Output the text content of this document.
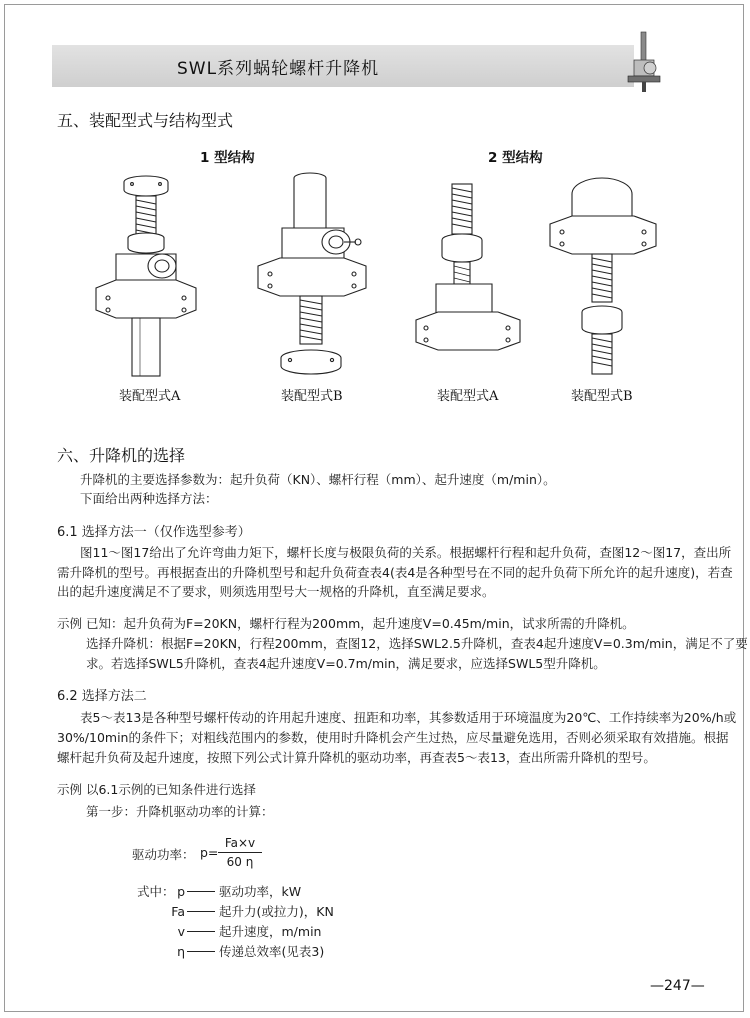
SWL系列蜗轮螺杆升降机
五、装配型式与结构型式
1 型结构	2 型结构
装配型式A	装配型式B	装配型式A	装配型式B
六、升降机的选择
升降机的主要选择参数为：起升负荷（KN）、螺杆行程（mm）、起升速度（m/min）。
下面给出两种选择方法：
6.1 选择方法一（仅作选型参考）
图11～图17给出了允许弯曲力矩下，螺杆长度与极限负荷的关系。根据螺杆行程和起升负荷，查图12～图17，查出所
需升降机的型号。再根据查出的升降机型号和起升负荷查表4(表4是各种型号在不同的起升负荷下所允许的起升速度)，若查
出的起升速度满足不了要求，则须选用型号大一规格的升降机，直至满足要求。
示例 已知：起升负荷为F=20KN，螺杆行程为200mm，起升速度V=0.45m/min，试求所需的升降机。
选择升降机：根据F=20KN，行程200mm，查图12，选择SWL2.5升降机，查表4起升速度V=0.3m/min，满足不了要
求。若选择SWL5升降机，查表4起升速度V=0.7m/min，满足要求，应选择SWL5型升降机。
6.2 选择方法二
表5～表13是各种型号螺杆传动的许用起升速度、扭距和功率，其参数适用于环境温度为20℃、工作持续率为20%/h或
30%/10min的条件下；对粗线范围内的参数，使用时升降机会产生过热，应尽量避免选用，否则必须采取有效措施。根据
螺杆起升负荷及起升速度，按照下列公式计算升降机的驱动功率，再查表5～表13，查出所需升降机的型号。
示例 以6.1示例的已知条件进行选择
第一步：升降机驱动功率的计算：
驱动功率： p=
Fa×v
60 η
式中： p	驱动功率，kW
Fa	起升力(或拉力)，KN
v	起升速度，m/min
η	传递总效率(见表3)
—247—
